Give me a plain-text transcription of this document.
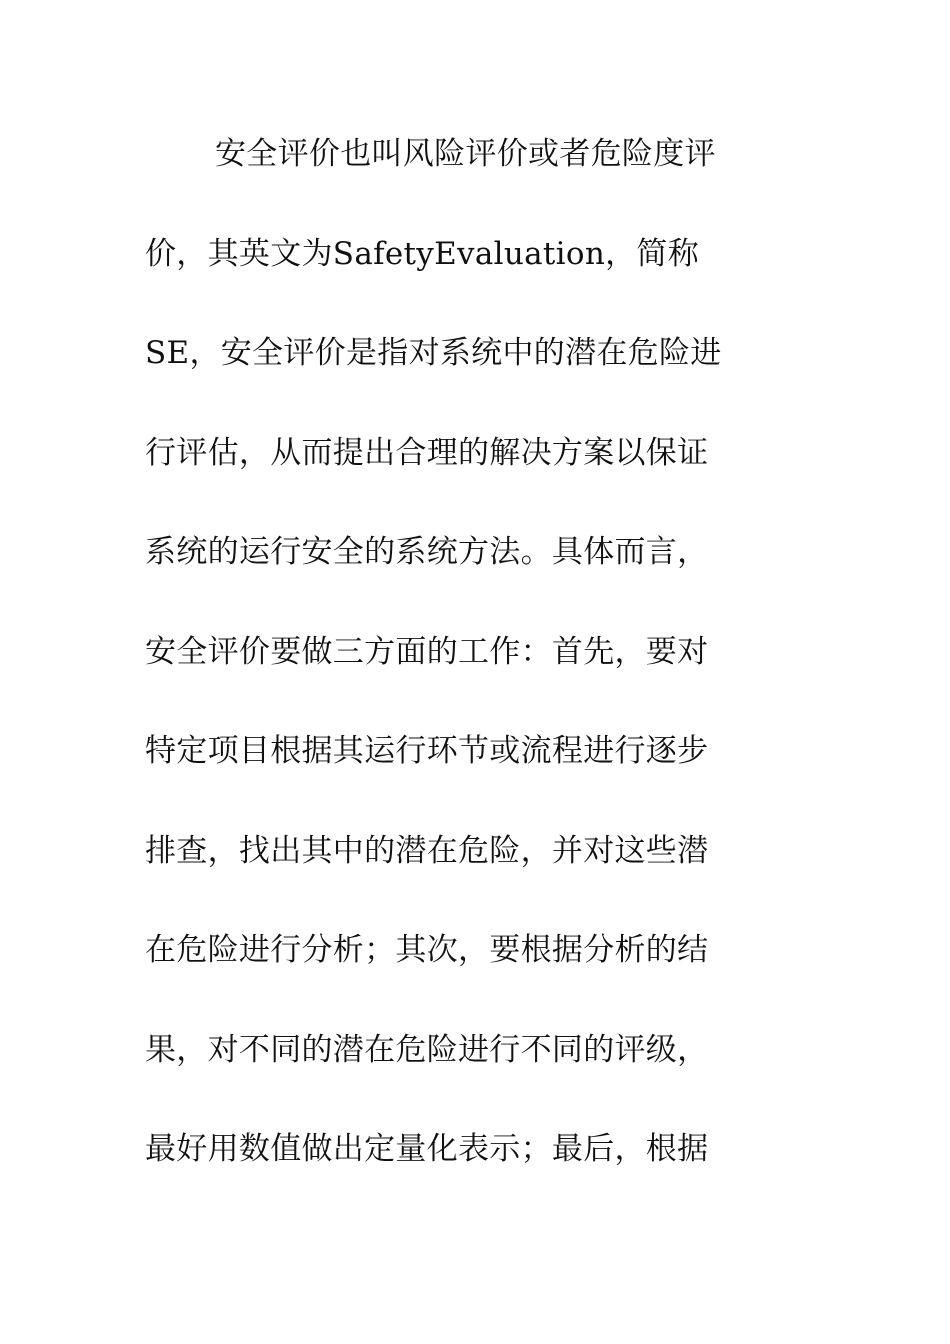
安全评价也叫风险评价或者危险度评
价，其英文为SafetyEvaluation，简称
SE，安全评价是指对系统中的潜在危险进
行评估，从而提出合理的解决方案以保证
系统的运行安全的系统方法。具体而言，
安全评价要做三方面的工作：首先，要对
特定项目根据其运行环节或流程进行逐步
排查，找出其中的潜在危险，并对这些潜
在危险进行分析；其次，要根据分析的结
果，对不同的潜在危险进行不同的评级，
最好用数值做出定量化表示；最后，根据
